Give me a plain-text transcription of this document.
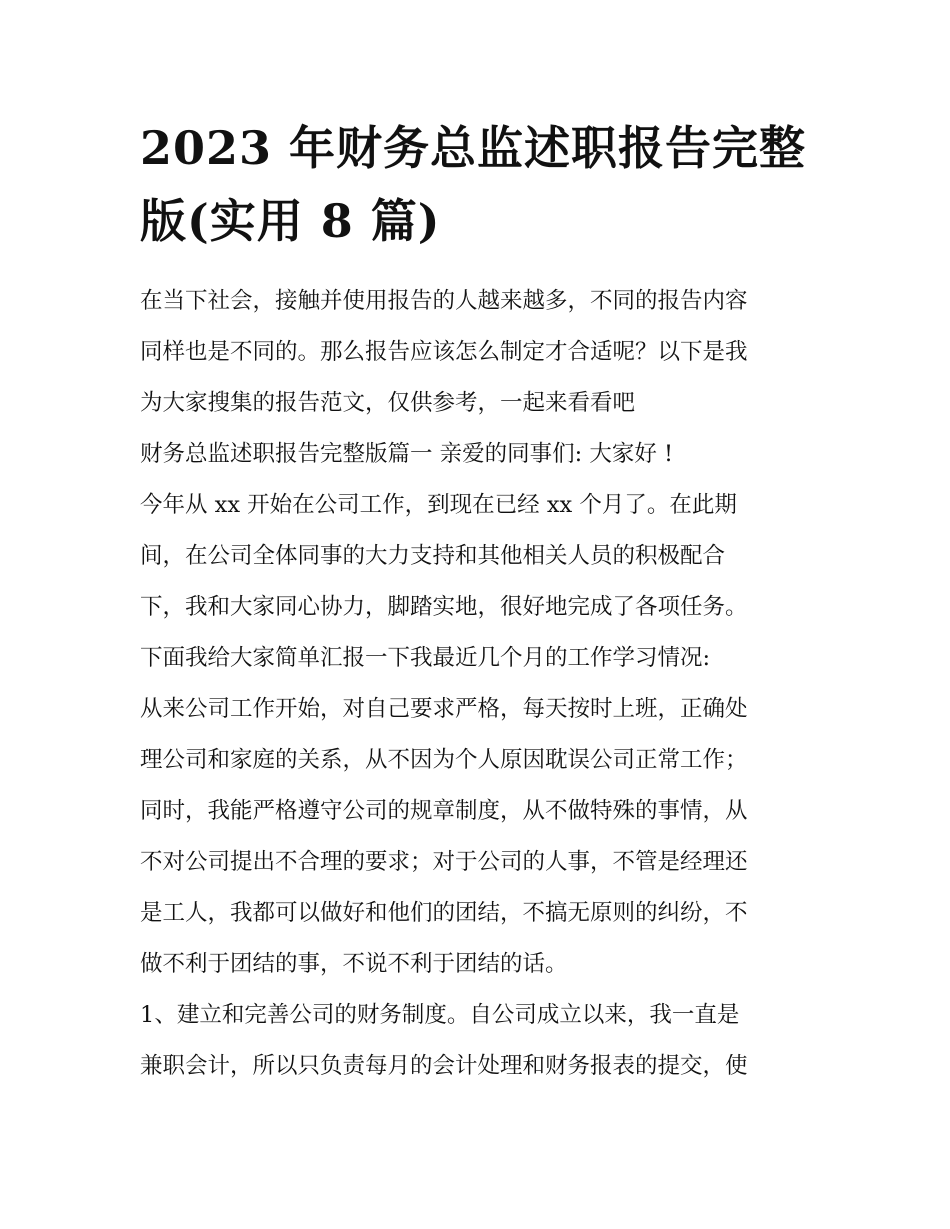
2023 年财务总监述职报告完整
版(实用 8 篇)
在当下社会，接触并使用报告的人越来越多，不同的报告内容
同样也是不同的。那么报告应该怎么制定才合适呢？以下是我
为大家搜集的报告范文，仅供参考，一起来看看吧
财务总监述职报告完整版篇一 亲爱的同事们: 大家好 !
今年从 xx 开始在公司工作，到现在已经 xx 个月了。在此期
间，在公司全体同事的大力支持和其他相关人员的积极配合
下，我和大家同心协力，脚踏实地，很好地完成了各项任务。
下面我给大家简单汇报一下我最近几个月的工作学习情况:
从来公司工作开始，对自己要求严格，每天按时上班，正确处
理公司和家庭的关系，从不因为个人原因耽误公司正常工作；
同时，我能严格遵守公司的规章制度，从不做特殊的事情，从
不对公司提出不合理的要求；对于公司的人事，不管是经理还
是工人，我都可以做好和他们的团结，不搞无原则的纠纷，不
做不利于团结的事，不说不利于团结的话。
1、建立和完善公司的财务制度。自公司成立以来，我一直是
兼职会计，所以只负责每月的会计处理和财务报表的提交，使
